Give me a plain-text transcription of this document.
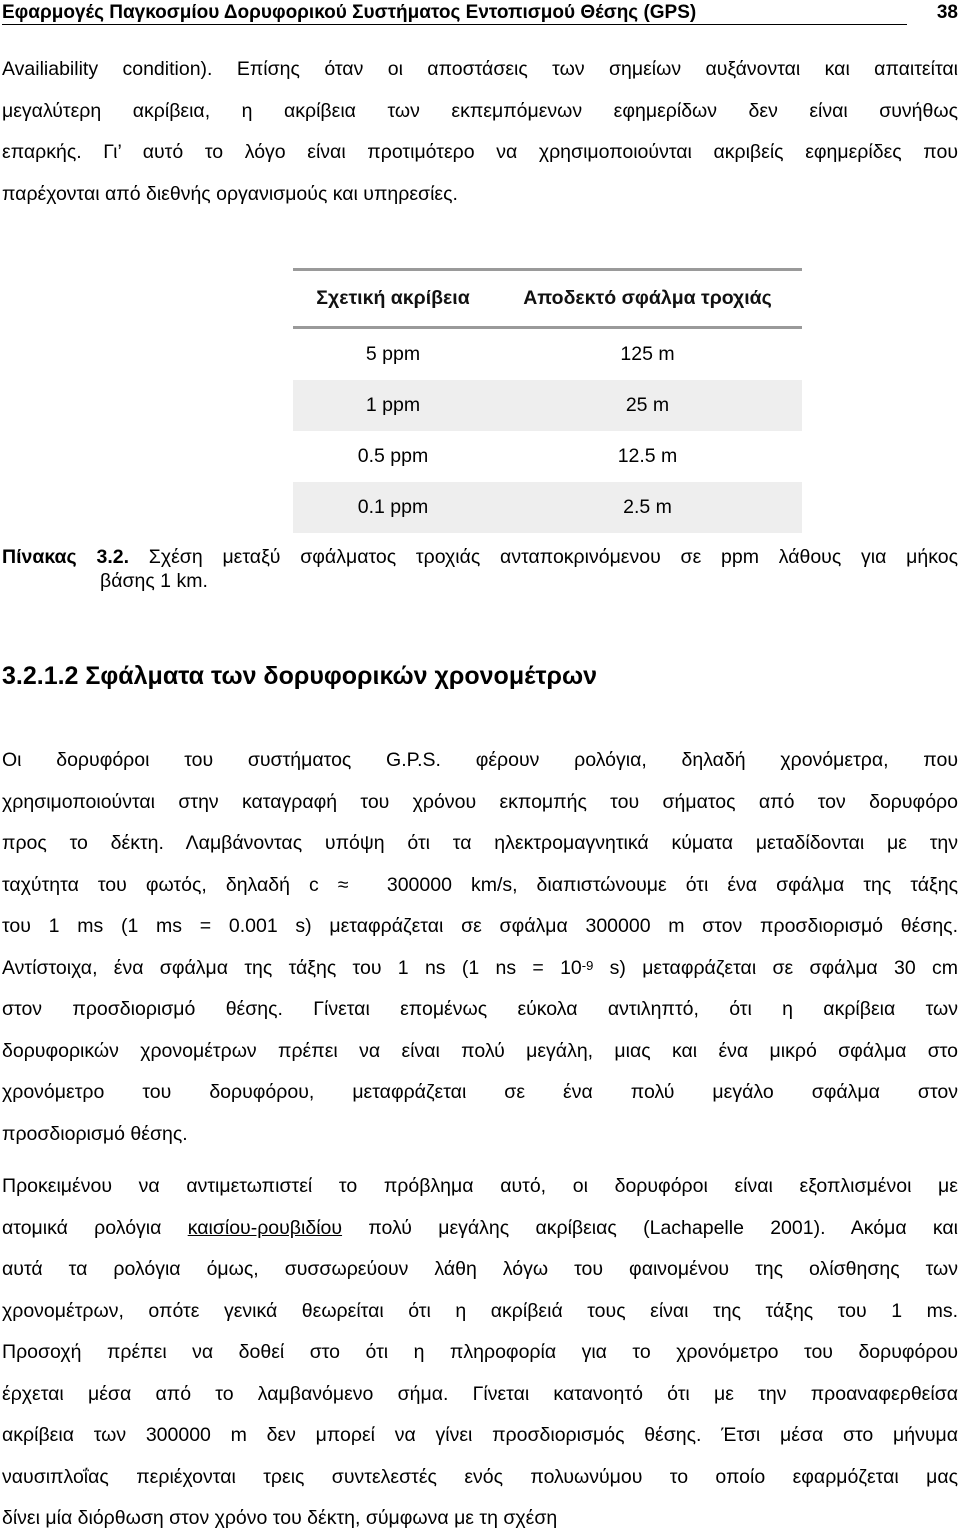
Εφαρμογές Παγκοσμίου Δορυφορικού Συστήματος Εντοπισμού Θέσης (GPS)	38
Availiability condition). Επίσης όταν οι αποστάσεις των σημείων αυξάνονται και απαιτείται
μεγαλύτερη ακρίβεια, η ακρίβεια των εκπεμπόμενων εφημερίδων δεν είναι συνήθως
επαρκής. Γι’ αυτό το λόγο είναι προτιμότερο να χρησιμοποιούνται ακριβείς εφημερίδες που
παρέχονται από διεθνής οργανισμούς και υπηρεσίες.
Σχετική ακρίβεια	Αποδεκτό σφάλμα τροχιάς
5 ppm	125 m
1 ppm	25 m
0.5 ppm	12.5 m
0.1 ppm	2.5 m
Πίνακας 3.2. Σχέση μεταξύ σφάλματος τροχιάς ανταποκρινόμενου σε ppm λάθους για μήκος
βάσης 1 km.
3.2.1.2 Σφάλματα των δορυφορικών χρονομέτρων
Οι δορυφόροι του συστήματος G.P.S. φέρουν ρολόγια, δηλαδή χρονόμετρα, που
χρησιμοποιούνται στην καταγραφή του χρόνου εκπομπής του σήματος από τον δορυφόρο
προς το δέκτη. Λαμβάνοντας υπόψη ότι τα ηλεκτρομαγνητικά κύματα μεταδίδονται με την
ταχύτητα του φωτός, δηλαδή c ≈ 300000 km/s, διαπιστώνουμε ότι ένα σφάλμα της τάξης
του 1 ms (1 ms = 0.001 s) μεταφράζεται σε σφάλμα 300000 m στον προσδιορισμό θέσης.
Αντίστοιχα, ένα σφάλμα της τάξης του 1 ns (1 ns = $10^{-9}$ s) μεταφράζεται σε σφάλμα 30 cm
στον προσδιορισμό θέσης. Γίνεται επομένως εύκολα αντιληπτό, ότι η ακρίβεια των
δορυφορικών χρονομέτρων πρέπει να είναι πολύ μεγάλη, μιας και ένα μικρό σφάλμα στο
χρονόμετρο του δορυφόρου, μεταφράζεται σε ένα πολύ μεγάλο σφάλμα στον
προσδιορισμό θέσης.
Προκειμένου να αντιμετωπιστεί το πρόβλημα αυτό, οι δορυφόροι είναι εξοπλισμένοι με
ατομικά ρολόγια καισίου-ρουβιδίου πολύ μεγάλης ακρίβειας (Lachapelle 2001). Ακόμα και
αυτά τα ρολόγια όμως, συσσωρεύουν λάθη λόγω του φαινομένου της ολίσθησης των
χρονομέτρων, οπότε γενικά θεωρείται ότι η ακρίβειά τους είναι της τάξης του 1 ms.
Προσοχή πρέπει να δοθεί στο ότι η πληροφορία για το χρονόμετρο του δορυφόρου
έρχεται μέσα από το λαμβανόμενο σήμα. Γίνεται κατανοητό ότι με την προαναφερθείσα
ακρίβεια των 300000 m δεν μπορεί να γίνει προσδιορισμός θέσης. Έτσι μέσα στο μήνυμα
ναυσιπλοΐας περιέχονται τρεις συντελεστές ενός πολυωνύμου το οποίο εφαρμόζεται μας
δίνει μία διόρθωση στον χρόνο του δέκτη, σύμφωνα με τη σχέση
